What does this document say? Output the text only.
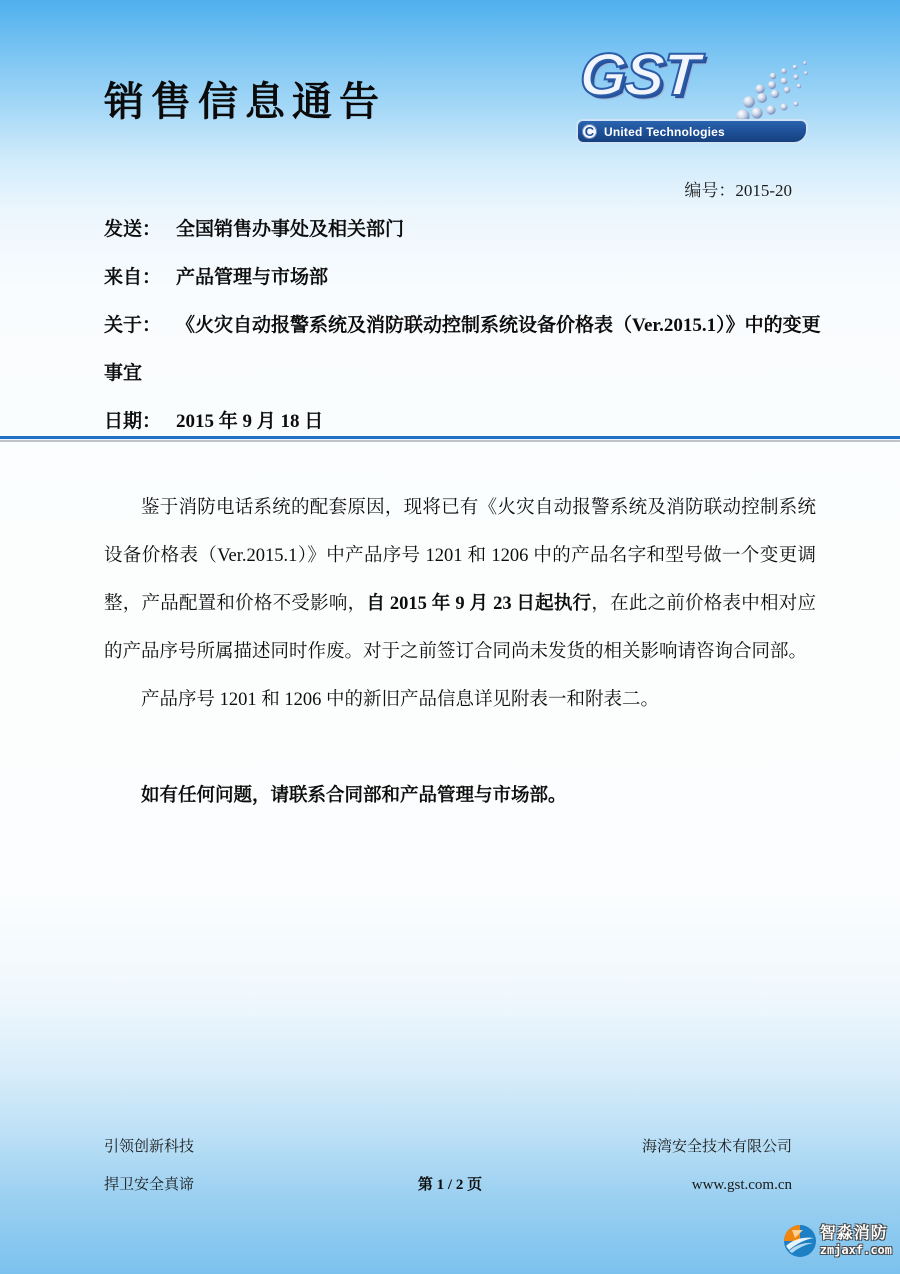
销售信息通告	GST
C United Technologies
编号：2015-20
发送： 全国销售办事处及相关部门
来自： 产品管理与市场部
关于： 《火灾自动报警系统及消防联动控制系统设备价格表（Ver.2015.1）》中的变更事宜
日期： 2015 年 9 月 18 日

鉴于消防电话系统的配套原因，现将已有《火灾自动报警系统及消防联动控制系统设备价格表（Ver.2015.1）》中产品序号 1201 和 1206 中的产品名字和型号做一个变更调整，产品配置和价格不受影响，自 2015 年 9 月 23 日起执行，在此之前价格表中相对应的产品序号所属描述同时作废。对于之前签订合同尚未发货的相关影响请咨询合同部。

产品序号 1201 和 1206 中的新旧产品信息详见附表一和附表二。

如有任何问题，请联系合同部和产品管理与市场部。

引领创新科技
捍卫安全真谛	第 1 / 2 页
海湾安全技术有限公司
www.gst.com.cn
智淼消防
zmjaxf.com
